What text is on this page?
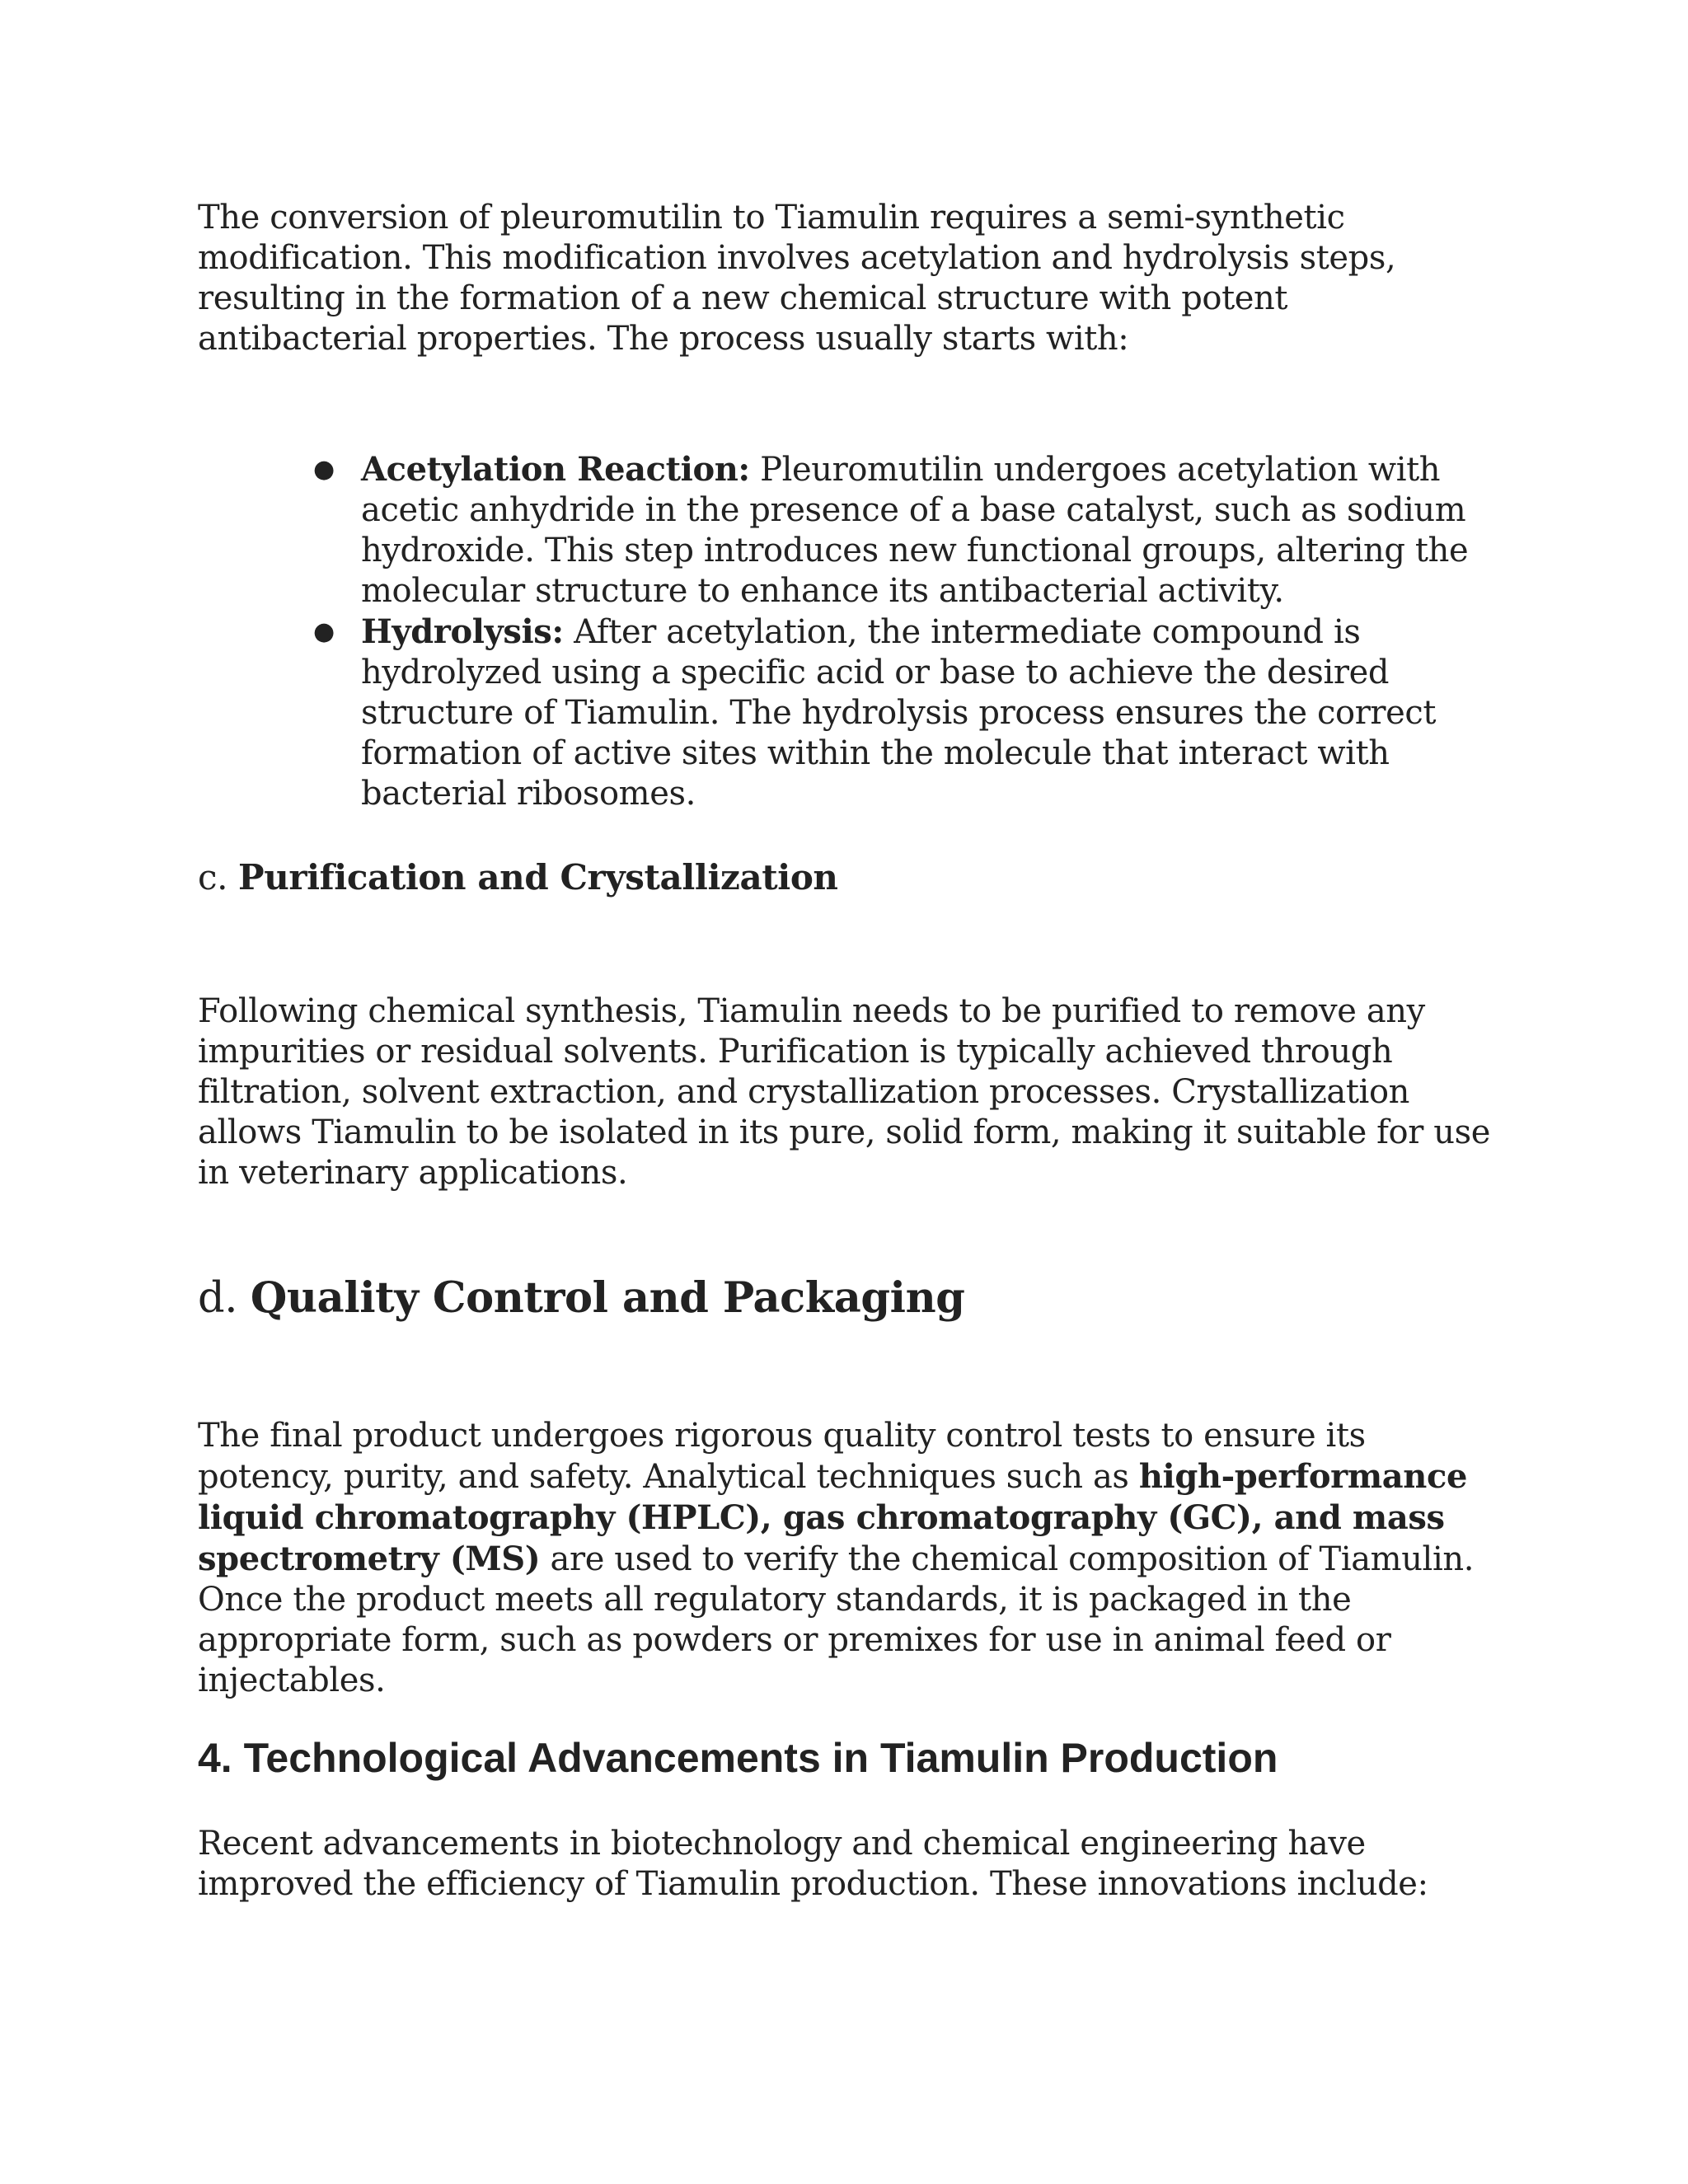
The conversion of pleuromutilin to Tiamulin requires a semi-synthetic modification. This modification involves acetylation and hydrolysis steps, resulting in the formation of a new chemical structure with potent antibacterial properties. The process usually starts with:

● Acetylation Reaction: Pleuromutilin undergoes acetylation with acetic anhydride in the presence of a base catalyst, such as sodium hydroxide. This step introduces new functional groups, altering the molecular structure to enhance its antibacterial activity.
● Hydrolysis: After acetylation, the intermediate compound is hydrolyzed using a specific acid or base to achieve the desired structure of Tiamulin. The hydrolysis process ensures the correct formation of active sites within the molecule that interact with bacterial ribosomes.
c. Purification and Crystallization

Following chemical synthesis, Tiamulin needs to be purified to remove any impurities or residual solvents. Purification is typically achieved through filtration, solvent extraction, and crystallization processes. Crystallization allows Tiamulin to be isolated in its pure, solid form, making it suitable for use in veterinary applications.

d. Quality Control and Packaging

The final product undergoes rigorous quality control tests to ensure its potency, purity, and safety. Analytical techniques such as high-performance liquid chromatography (HPLC), gas chromatography (GC), and mass spectrometry (MS) are used to verify the chemical composition of Tiamulin. Once the product meets all regulatory standards, it is packaged in the appropriate form, such as powders or premixes for use in animal feed or injectables.

4. Technological Advancements in Tiamulin Production

Recent advancements in biotechnology and chemical engineering have improved the efficiency of Tiamulin production. These innovations include:
